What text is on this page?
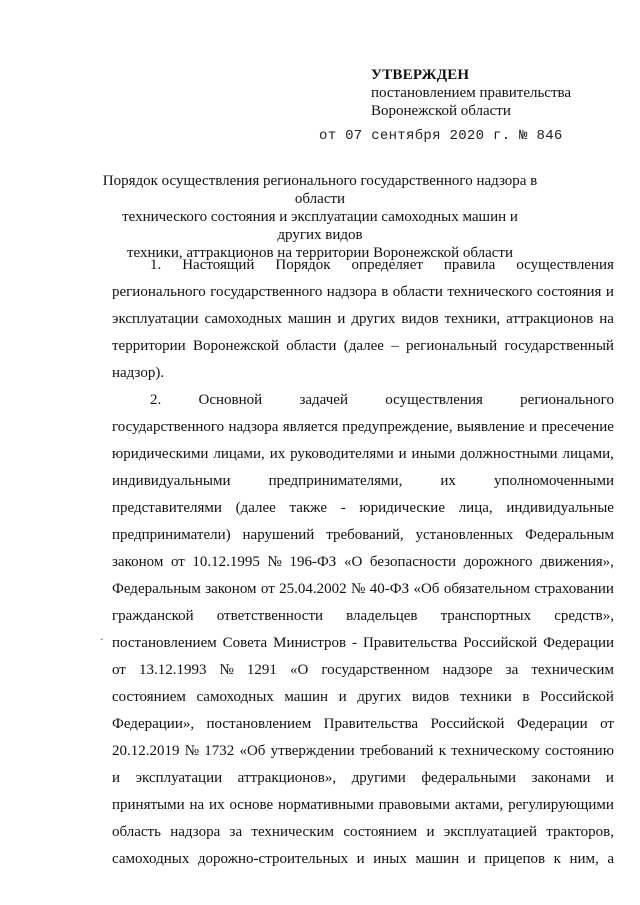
УТВЕРЖДЕН
постановлением правительства
Воронежской области
от 07 сентября 2020 г. № 846
Порядок осуществления регионального государственного надзора в области
технического состояния и эксплуатации самоходных машин и других видов
техники, аттракционов на территории Воронежской области
1. Настоящий Порядок определяет правила осуществления
регионального государственного надзора в области технического состояния и
эксплуатации самоходных машин и других видов техники, аттракционов на
территории Воронежской области (далее – региональный государственный
надзор).
2. Основной задачей осуществления регионального
государственного надзора является предупреждение, выявление и пресечение
юридическими лицами, их руководителями и иными должностными лицами,
индивидуальными	предпринимателями,	их	уполномоченными
представителями (далее также - юридические лица, индивидуальные
предприниматели) нарушений требований, установленных Федеральным
законом от 10.12.1995 № 196-ФЗ «О безопасности дорожного движения»,
Федеральным законом от 25.04.2002 № 40-ФЗ «Об обязательном страховании
гражданской ответственности владельцев транспортных средств»,
постановлением Совета Министров - Правительства Российской Федерации
от 13.12.1993 № 1291 «О государственном надзоре за техническим
состоянием самоходных машин и других видов техники в Российской
Федерации», постановлением Правительства Российской Федерации от
20.12.2019 № 1732 «Об утверждении требований к техническому состоянию
и эксплуатации аттракционов», другими федеральными законами и
принятыми на их основе нормативными правовыми актами, регулирующими
область надзора за техническим состоянием и эксплуатацией тракторов,
самоходных дорожно-строительных и иных машин и прицепов к ним, а
ˇ
